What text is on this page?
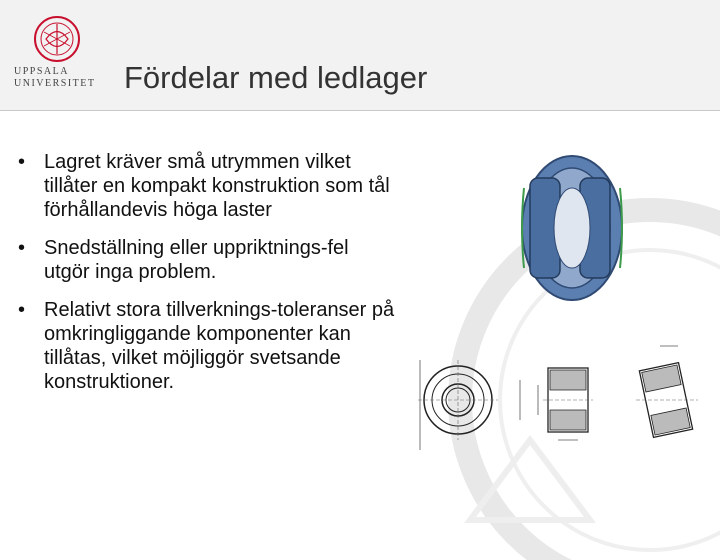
UPPSALA
UNIVERSITET Fördelar med ledlager
• Lagret kräver små utrymmen vilket tillåter en kompakt konstruktion som tål förhållandevis höga laster
• Snedställning eller uppriktnings-fel utgör inga problem.
• Relativt stora tillverknings-toleranser på omkringliggande komponenter kan tillåtas, vilket möjliggör svetsande konstruktioner.
